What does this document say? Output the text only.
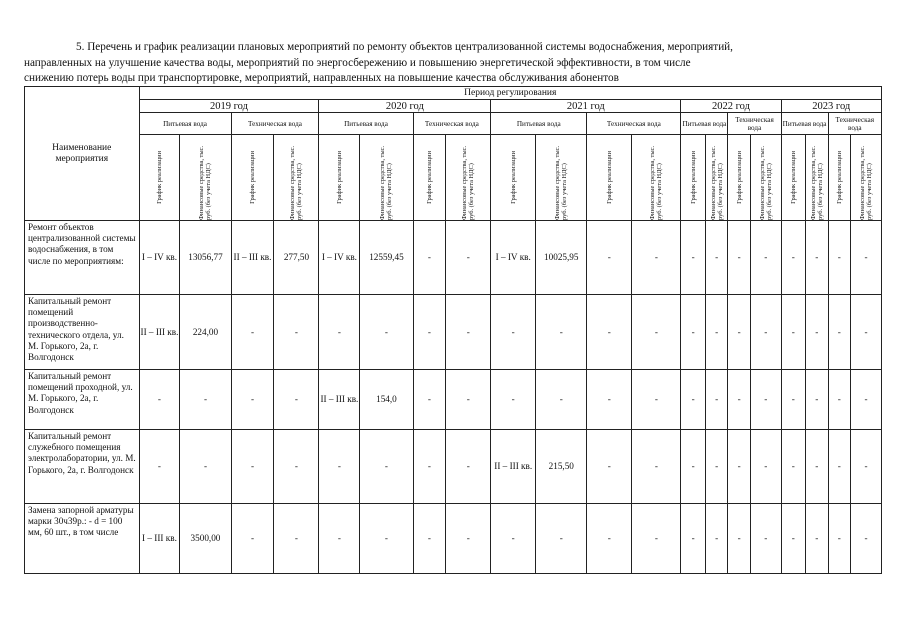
5. Перечень и график реализации плановых мероприятий по ремонту объектов централизованной системы водоснабжения, мероприятий,
направленных на улучшение качества воды, мероприятий по энергосбережению и повышению энергетической эффективности, в том числе
снижению потерь воды при транспортировке, мероприятий, направленных на повышение качества обслуживания абонентов
Наименование мероприятия	Период регулирования																			
	2019 год				2020 год				2021 год				2022 год				2023 год			
	Питьевая вода		Техническая вода		Питьевая вода		Техническая вода		Питьевая вода		Техническая вода		Питьевая вода		Техническая вода		Питьевая вода		Техническая вода	

	График реализации	Финансовые средства, тыс. руб. (без учета НДС)	График реализации	Финансовые средства, тыс. руб. (без учета НДС)	График реализации	Финансовые средства, тыс. руб. (без учета НДС)	График реализации	Финансовые средства, тыс. руб. (без учета НДС)	График реализации	Финансовые средства, тыс. руб. (без учета НДС)	График реализации	Финансовые средства, тыс. руб. (без учета НДС)	График реализации	Финансовые средства, тыс. руб. (без учета НДС)	График реализации	Финансовые средства, тыс. руб. (без учета НДС)	График реализации	Финансовые средства, тыс. руб. (без учета НДС)	График реализации	Финансовые средства, тыс. руб. (без учета НДС)

Ремонт объектов централизованной системы водоснабжения, в том числе по мероприятиям:	I – IV кв.	13056,77	II – III кв.	277,50	I – IV кв.	12559,45	-	-	I – IV кв.	10025,95	-	-	-	-	-	-	-	-	-	-
Капитальный ремонт помещений производственно-технического отдела, ул. М. Горького, 2а, г. Волгодонск	II – III кв.	224,00	-	-	-	-	-	-	-	-	-	-	-	-	-	-	-	-	-	-
Капитальный ремонт помещений проходной, ул. М. Горького, 2а, г. Волгодонск	-	-	-	-	II – III кв.	154,0	-	-	-	-	-	-	-	-	-	-	-	-	-	-
Капитальный ремонт служебного помещения электролаборатории, ул. М. Горького, 2а, г. Волгодонск	-	-	-	-	-	-	-	-	II – III кв.	215,50	-	-	-	-	-	-	-	-	-	-
Замена запорной арматуры марки 30ч39р.: - d = 100 мм, 60 шт., в том числе	I – III кв.	3500,00	-	-	-	-	-	-	-	-	-	-	-	-	-	-	-	-	-	-
